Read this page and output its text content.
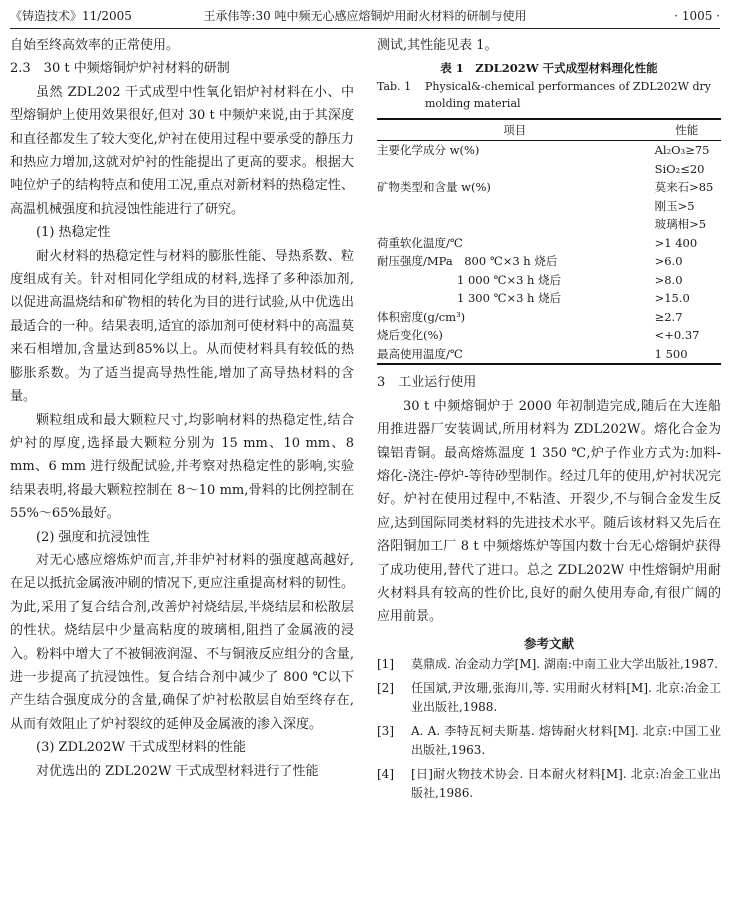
《铸造技术》11/2005	王承伟等:30 吨中频无心感应熔铜炉用耐火材料的研制与使用	· 1005 ·

自始至终高效率的正常使用。

2.3　30 t 中频熔铜炉炉衬材料的研制

虽然 ZDL202 干式成型中性氧化铝炉衬材料在小、中型熔铜炉上使用效果很好,但对 30 t 中频炉来说,由于其深度和直径都发生了较大变化,炉衬在使用过程中要承受的静压力和热应力增加,这就对炉衬的性能提出了更高的要求。根据大吨位炉子的结构特点和使用工况,重点对新材料的热稳定性、高温机械强度和抗浸蚀性能进行了研究。

(1) 热稳定性

耐火材料的热稳定性与材料的膨胀性能、导热系数、粒度组成有关。针对相同化学组成的材料,选择了多种添加剂,以促进高温烧结和矿物相的转化为目的进行试验,从中优选出最适合的一种。结果表明,适宜的添加剂可使材料中的高温莫来石相增加,含量达到85%以上。从而使材料具有较低的热膨胀系数。为了适当提高导热性能,增加了高导热材料的含量。

颗粒组成和最大颗粒尺寸,均影响材料的热稳定性,结合炉衬的厚度,选择最大颗粒分别为 15 mm、10 mm、8 mm、6 mm 进行级配试验,并考察对热稳定性的影响,实验结果表明,将最大颗粒控制在 8～10 mm,骨料的比例控制在 55%～65%最好。

(2) 强度和抗浸蚀性

对无心感应熔炼炉而言,并非炉衬材料的强度越高越好,在足以抵抗金属液冲刷的情况下,更应注重提高材料的韧性。为此,采用了复合结合剂,改善炉衬烧结层,半烧结层和松散层的性状。烧结层中少量高粘度的玻璃相,阻挡了金属液的浸入。粉料中增大了不被铜液润湿、不与铜液反应组分的含量,进一步提高了抗浸蚀性。复合结合剂中减少了 800 ℃以下产生结合强度成分的含量,确保了炉衬松散层自始至终存在,从而有效阻止了炉衬裂纹的延伸及金属液的渗入深度。

(3) ZDL202W 干式成型材料的性能

对优选出的 ZDL202W 干式成型材料进行了性能

测试,其性能见表 1。

表 1　ZDL202W 干式成型材料理化性能
Tab. 1	Physical&-chemical performances of ZDL202W dry molding material
项目	性能
主要化学成分 w(%)	Al₂O₃≥75　SiO₂≤20
矿物类型和含量 w(%)	莫来石>85　刚玉>5
玻璃相>5
荷重软化温度/℃	>1 400
耐压强度/MPa　800 ℃×3 h 烧后	>6.0
1 000 ℃×3 h 烧后	>8.0
1 300 ℃×3 h 烧后	>15.0
体积密度(g/cm³)	≥2.7
烧后变化(%)	<+0.37
最高使用温度/℃	1 500

3　工业运行使用

30 t 中频熔铜炉于 2000 年初制造完成,随后在大连船用推进器厂安装调试,所用材料为 ZDL202W。熔化合金为镍铝青铜。最高熔炼温度 1 350 ℃,炉子作业方式为:加料-熔化-浇注-停炉-等待砂型制作。经过几年的使用,炉衬状况完好。炉衬在使用过程中,不粘渣、开裂少,不与铜合金发生反应,达到国际同类材料的先进技术水平。随后该材料又先后在洛阳铜加工厂 8 t 中频熔炼炉等国内数十台无心熔铜炉获得了成功使用,替代了进口。总之 ZDL202W 中性熔铜炉用耐火材料具有较高的性价比,良好的耐久使用寿命,有很广阔的应用前景。

参考文献
[1]	莫鼎成. 冶金动力学[M]. 湖南:中南工业大学出版社,1987.
[2]	任国斌,尹汝珊,张海川,等. 实用耐火材料[M]. 北京:冶金工业出版社,1988.
[3]	A. A. 李特瓦柯夫斯基. 熔铸耐火材料[M]. 北京:中国工业出版社,1963.
[4]	[日]耐火物技术协会. 日本耐火材料[M]. 北京:冶金工业出版社,1986.
